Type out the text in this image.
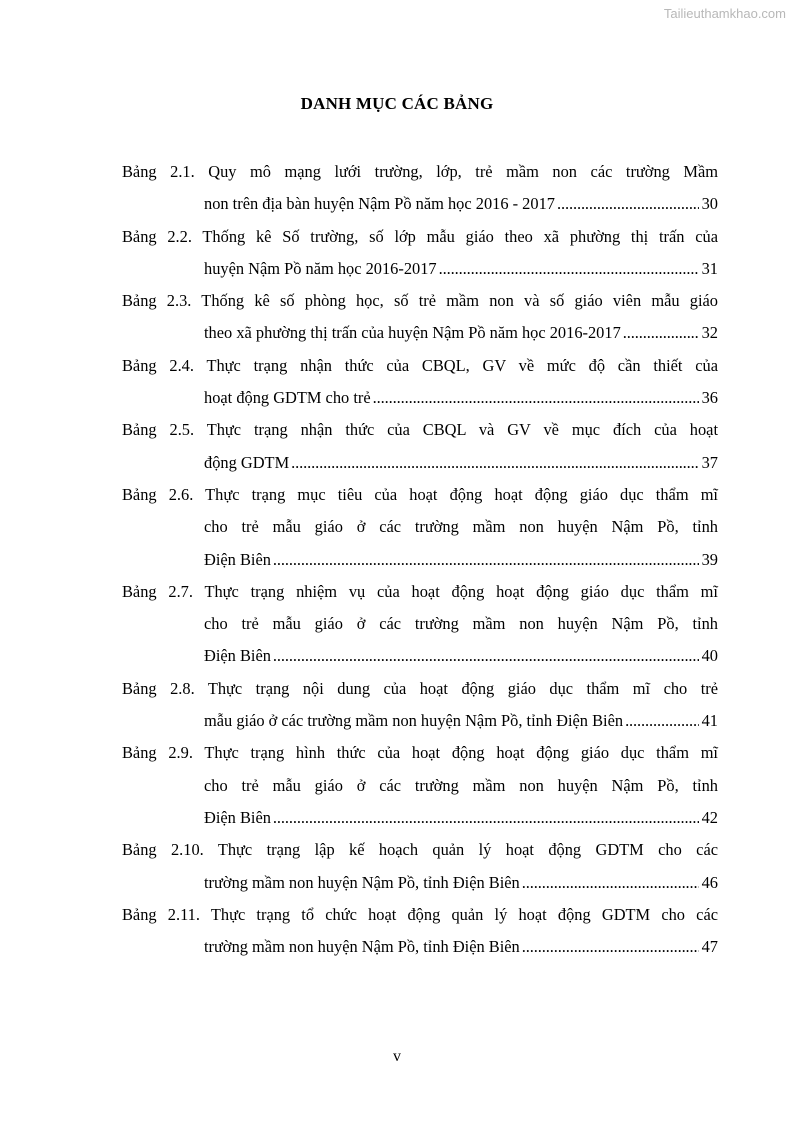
Tailieuthamkhao.com
DANH MỤC CÁC BẢNG
Bảng 2.1. Quy mô mạng lưới trường, lớp, trẻ mầm non các trường Mầm
non trên địa bàn huyện Nậm Pồ năm học 2016 - 2017 . . .	30
Bảng 2.2. Thống kê Số trường, số lớp mẫu giáo theo xã phường thị trấn của
huyện Nậm Pồ năm học 2016-2017 . . .	31
Bảng 2.3. Thống kê số phòng học, số trẻ mầm non và số giáo viên mẫu giáo
theo xã phường thị trấn của huyện Nậm Pồ năm học 2016-2017 . . .	32
Bảng 2.4. Thực trạng nhận thức của CBQL, GV về mức độ cần thiết của
hoạt động GDTM cho trẻ . . .	36
Bảng 2.5. Thực trạng nhận thức của CBQL và GV về mục đích của hoạt
động GDTM . . .	37
Bảng 2.6. Thực trạng mục tiêu của hoạt động hoạt động giáo dục thẩm mĩ
cho trẻ mẫu giáo ở các trường mầm non huyện Nậm Pồ, tỉnh
Điện Biên . . .	39
Bảng 2.7. Thực trạng nhiệm vụ của hoạt động hoạt động giáo dục thẩm mĩ
cho trẻ mẫu giáo ở các trường mầm non huyện Nậm Pồ, tỉnh
Điện Biên . . .	40
Bảng 2.8. Thực trạng nội dung của hoạt động giáo dục thẩm mĩ cho trẻ
mẫu giáo ở các trường mầm non huyện Nậm Pồ, tỉnh Điện Biên . . .	41
Bảng 2.9. Thực trạng hình thức của hoạt động hoạt động giáo dục thẩm mĩ
cho trẻ mẫu giáo ở các trường mầm non huyện Nậm Pồ, tỉnh
Điện Biên . . .	42
Bảng 2.10. Thực trạng lập kế hoạch quản lý hoạt động GDTM cho các
trường mầm non huyện Nậm Pồ, tỉnh Điện Biên . . .	46
Bảng 2.11. Thực trạng tổ chức hoạt động quản lý hoạt động GDTM cho các
trường mầm non huyện Nậm Pồ, tỉnh Điện Biên . . .	47
v
